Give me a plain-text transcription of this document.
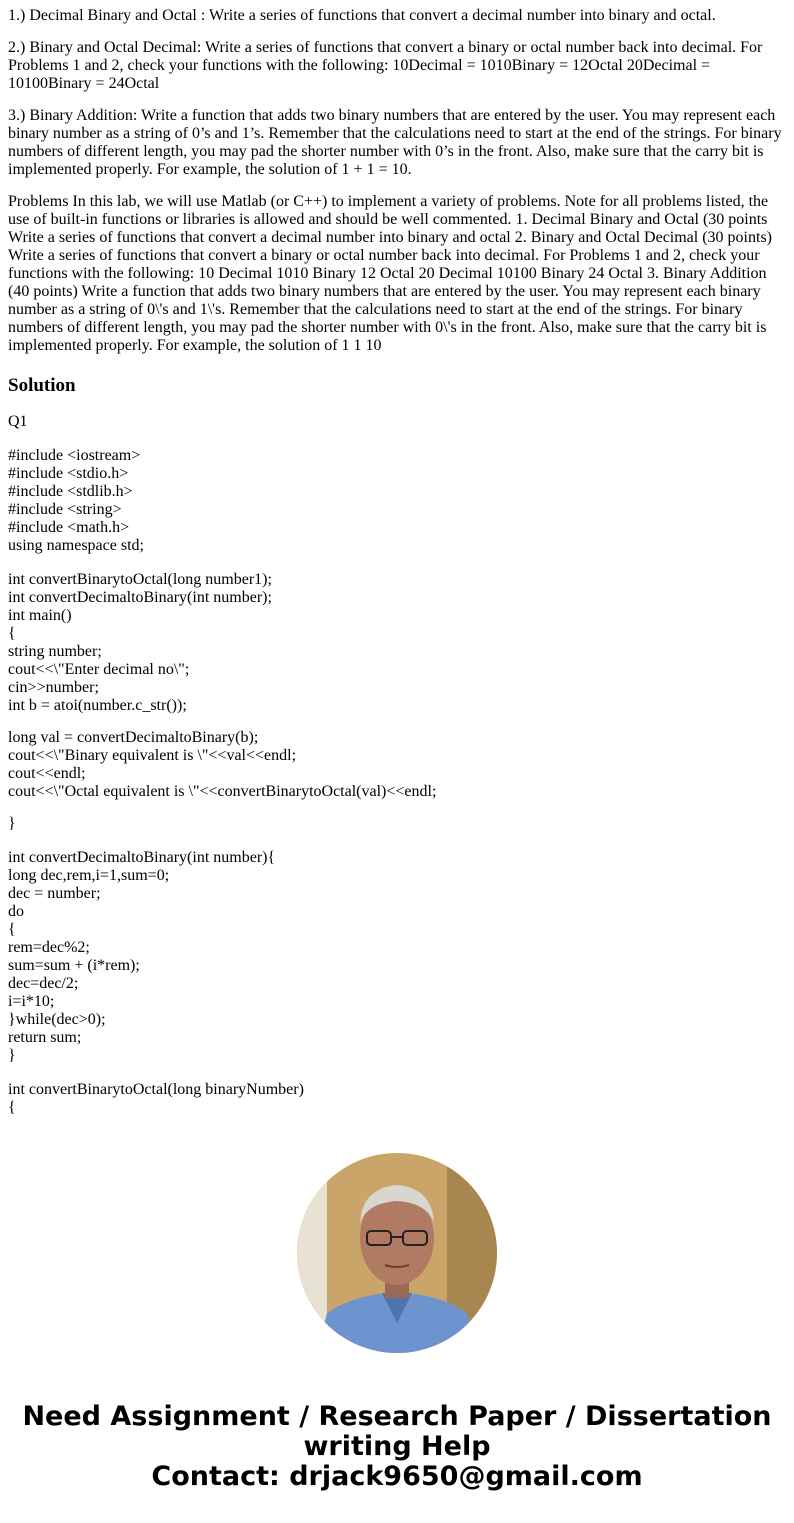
1.) Decimal Binary and Octal : Write a series of functions that convert a decimal number into binary and octal.

2.) Binary and Octal Decimal: Write a series of functions that convert a binary or octal number back into decimal. For Problems 1 and 2, check your functions with the following: 10Decimal = 1010Binary = 12Octal 20Decimal = 10100Binary = 24Octal

3.) Binary Addition: Write a function that adds two binary numbers that are entered by the user. You may represent each binary number as a string of 0’s and 1’s. Remember that the calculations need to start at the end of the strings. For binary numbers of different length, you may pad the shorter number with 0’s in the front. Also, make sure that the carry bit is implemented properly. For example, the solution of 1 + 1 = 10.

Problems In this lab, we will use Matlab (or C++) to implement a variety of problems. Note for all problems listed, the use of built-in functions or libraries is allowed and should be well commented. 1. Decimal Binary and Octal (30 points Write a series of functions that convert a decimal number into binary and octal 2. Binary and Octal Decimal (30 points) Write a series of functions that convert a binary or octal number back into decimal. For Problems 1 and 2, check your functions with the following: 10 Decimal 1010 Binary 12 Octal 20 Decimal 10100 Binary 24 Octal 3. Binary Addition (40 points) Write a function that adds two binary numbers that are entered by the user. You may represent each binary number as a string of 0\'s and 1\'s. Remember that the calculations need to start at the end of the strings. For binary numbers of different length, you may pad the shorter number with 0\'s in the front. Also, make sure that the carry bit is implemented properly. For example, the solution of 1 1 10

Solution
Q1
#include <iostream>
#include <stdio.h>
#include <stdlib.h>
#include <string>
#include <math.h>
using namespace std;
int convertBinarytoOctal(long number1);
int convertDecimaltoBinary(int number);
int main()
{
string number;
cout<<\"Enter decimal no\";
cin>>number;
int b = atoi(number.c_str());
long val = convertDecimaltoBinary(b);
cout<<\"Binary equivalent is \"<<val<<endl;
cout<<endl;
cout<<\"Octal equivalent is \"<<convertBinarytoOctal(val)<<endl;
}
int convertDecimaltoBinary(int number){
long dec,rem,i=1,sum=0;
dec = number;
do
{
rem=dec%2;
sum=sum + (i*rem);
dec=dec/2;
i=i*10;
}while(dec>0);
return sum;
}
int convertBinarytoOctal(long binaryNumber)
{
Need Assignment / Research Paper / Dissertation
writing Help
Contact: drjack9650@gmail.com
